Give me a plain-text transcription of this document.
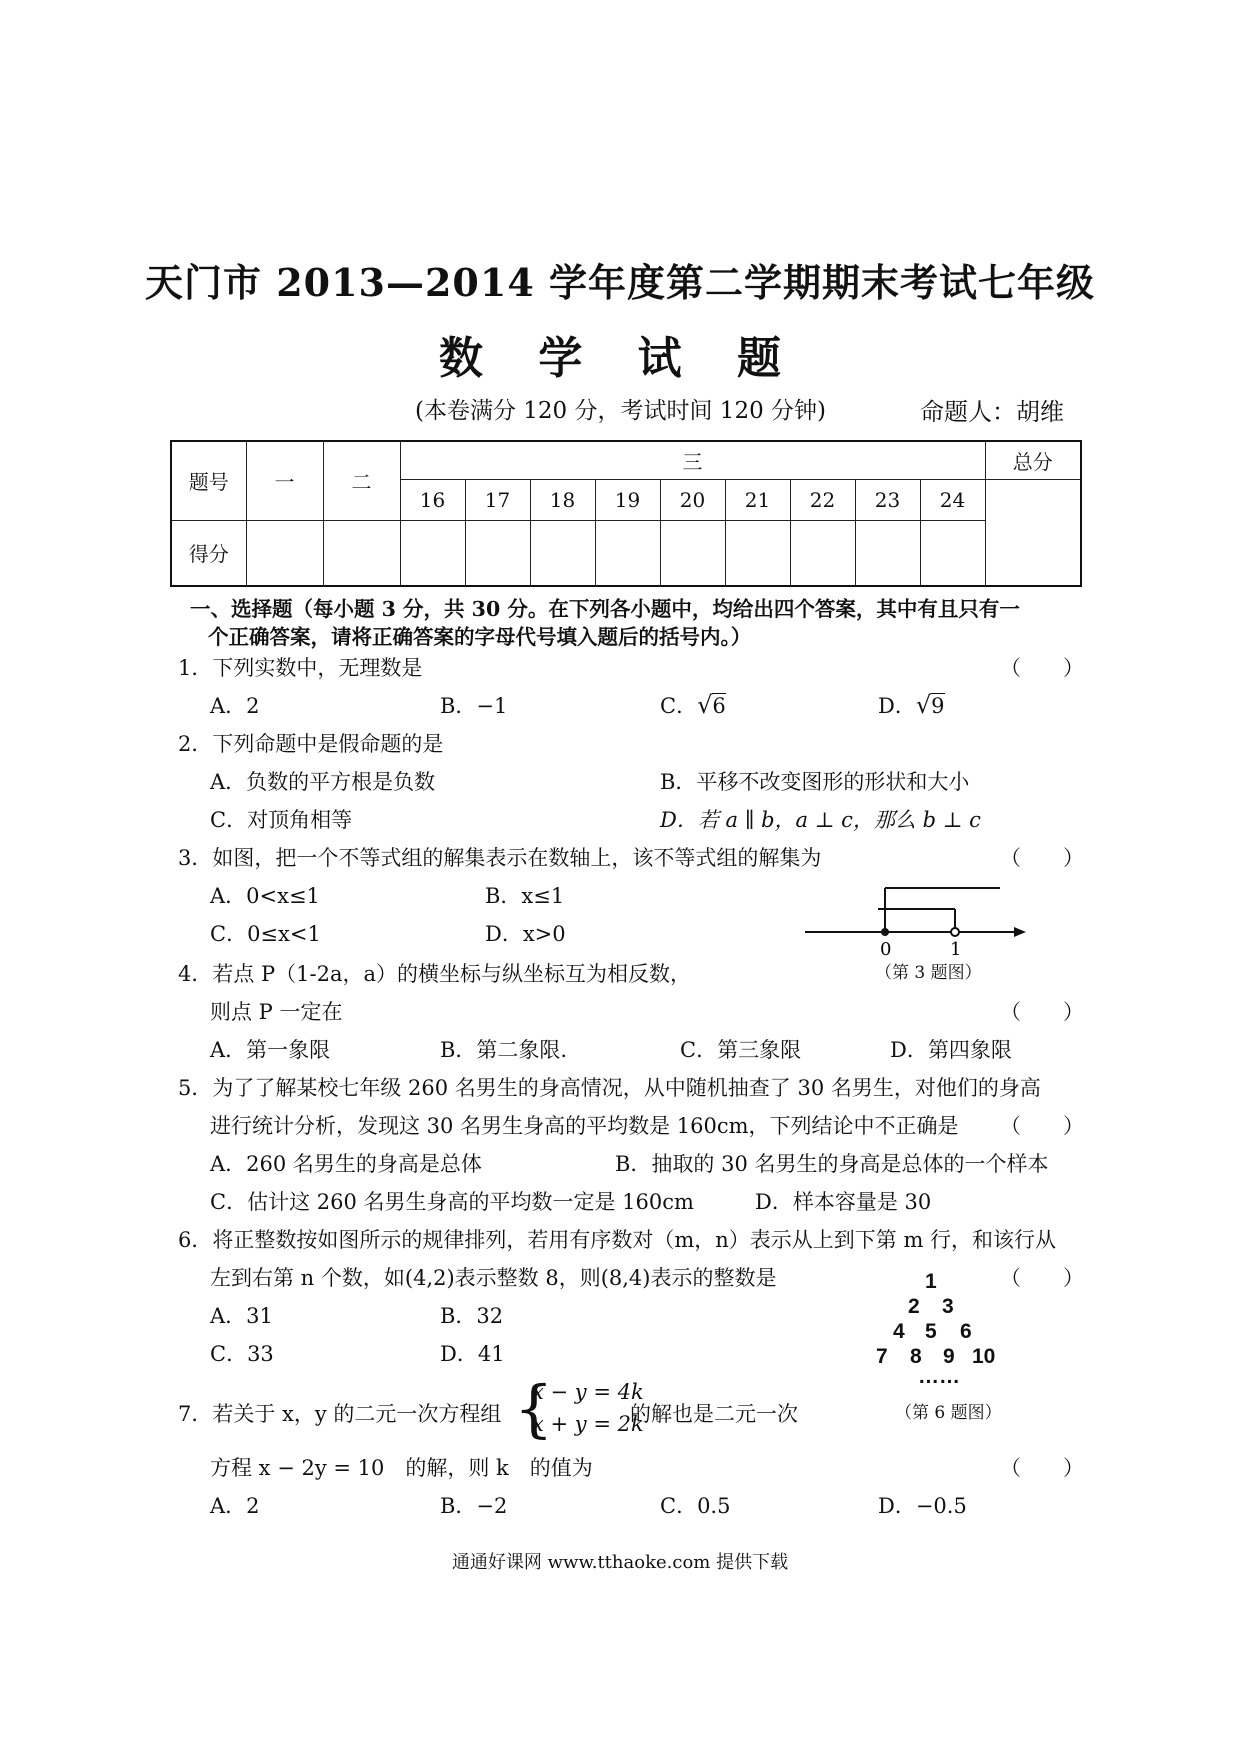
天门市 2013—2014 学年度第二学期期末考试七年级
数 学 试 题
(本卷满分 120 分，考试时间 120 分钟)	命题人：胡维
题号	一	二	三									总分
			16	17	18	19	20	21	22	23	24	
得分												
一、选择题（每小题 3 分，共 30 分。在下列各小题中，均给出四个答案，其中有且只有一
个正确答案，请将正确答案的字母代号填入题后的括号内。）
1．下列实数中，无理数是	（　　）
A．2	B．−1	C．√6	D．√9
2．下列命题中是假命题的是
A．负数的平方根是负数	B．平移不改变图形的形状和大小
C．对顶角相等	D．若 a ∥ b，a ⊥ c，那么 b ⊥ c
3．如图，把一个不等式组的解集表示在数轴上，该不等式组的解集为	（　　）
A．0<x≤1	B．x≤1
C．0≤x<1	D．x>0
0	1
（第 3 题图）
4．若点 P（1-2a，a）的横坐标与纵坐标互为相反数，
则点 P 一定在	（　　）
A．第一象限	B．第二象限.	C．第三象限	D．第四象限
5．为了了解某校七年级 260 名男生的身高情况，从中随机抽查了 30 名男生，对他们的身高
进行统计分析，发现这 30 名男生身高的平均数是 160cm，下列结论中不正确是 （　　）
A．260 名男生的身高是总体	B．抽取的 30 名男生的身高是总体的一个样本
C．估计这 260 名男生身高的平均数一定是 160cm	D．样本容量是 30
6．将正整数按如图所示的规律排列，若用有序数对（m，n）表示从上到下第 m 行，和该行从
左到右第 n 个数，如(4,2)表示整数 8，则(8,4)表示的整数是	（　　）
A．31	B．32
C．33	D．41
1
2 3
4 5 6
7 8 9 10
……
（第 6 题图）
7．若关于 x，y 的二元一次方程组 {
x − y = 4k
x + y = 2k
的解也是二元一次
方程 x − 2y = 10　的解，则 k　的值为	（　　）
A．2	B．−2	C．0.5	D．−0.5
通通好课网 www.tthaoke.com 提供下载
